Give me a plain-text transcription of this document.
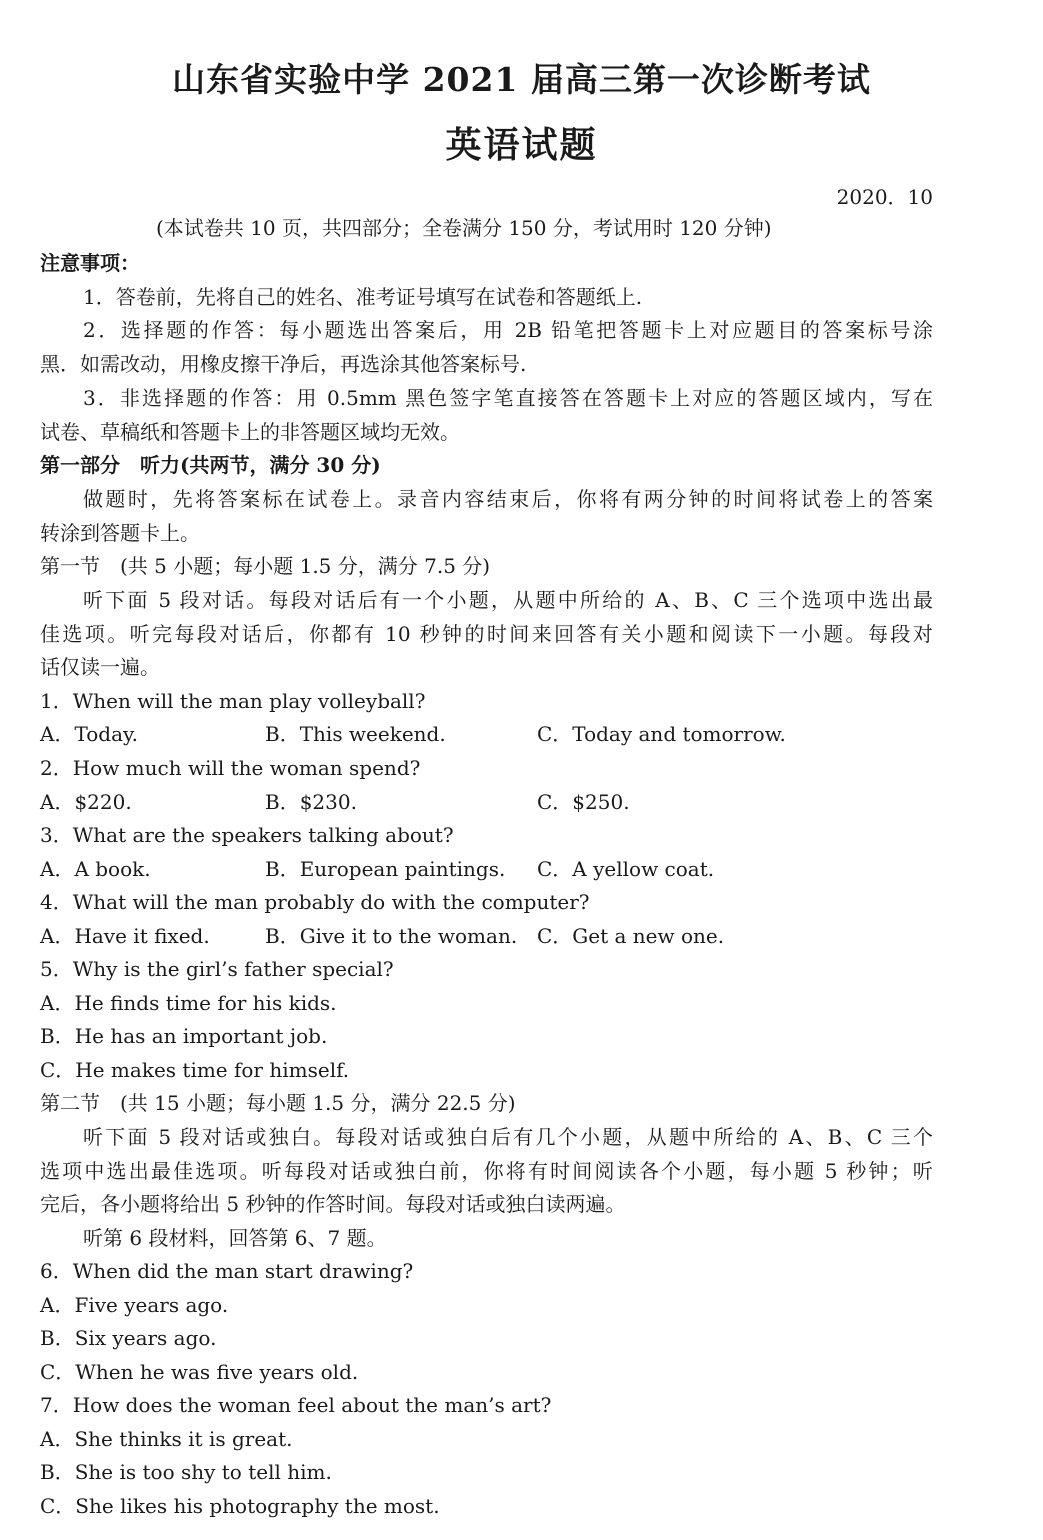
山东省实验中学 2021 届高三第一次诊断考试
英语试题
2020．10
(本试卷共 10 页，共四部分；全卷满分 150 分，考试用时 120 分钟)
注意事项：
1．答卷前，先将自己的姓名、准考证号填写在试卷和答题纸上.
2．选择题的作答：每小题选出答案后，用 2B 铅笔把答题卡上对应题目的答案标号涂
黑．如需改动，用橡皮擦干净后，再选涂其他答案标号.
3．非选择题的作答：用 0.5mm 黑色签字笔直接答在答题卡上对应的答题区域内，写在
试卷、草稿纸和答题卡上的非答题区域均无效。
第一部分　听力(共两节，满分 30 分)
做题时，先将答案标在试卷上。录音内容结束后，你将有两分钟的时间将试卷上的答案
转涂到答题卡上。
第一节　(共 5 小题；每小题 1.5 分，满分 7.5 分)
听下面 5 段对话。每段对话后有一个小题，从题中所给的 A、B、C 三个选项中选出最
佳选项。听完每段对话后，你都有 10 秒钟的时间来回答有关小题和阅读下一小题。每段对
话仅读一遍。
1．When will the man play volleyball?
A．Today.	B．This weekend.	C．Today and tomorrow.
2．How much will the woman spend?
A．$220.	B．$230.	C．$250.
3．What are the speakers talking about?
A．A book.	B．European paintings. C．A yellow coat.
4．What will the man probably do with the computer?
A．Have it fixed.	B．Give it to the woman. C．Get a new one.
5．Why is the girl’s father special?
A．He finds time for his kids.
B．He has an important job.
C．He makes time for himself.
第二节　(共 15 小题；每小题 1.5 分，满分 22.5 分)
听下面 5 段对话或独白。每段对话或独白后有几个小题，从题中所给的 A、B、C 三个
选项中选出最佳选项。听每段对话或独白前，你将有时间阅读各个小题，每小题 5 秒钟；听
完后，各小题将给出 5 秒钟的作答时间。每段对话或独白读两遍。
听第 6 段材料，回答第 6、7 题。
6．When did the man start drawing?
A．Five years ago.
B．Six years ago.
C．When he was five years old.
7．How does the woman feel about the man’s art?
A．She thinks it is great.
B．She is too shy to tell him.
C．She likes his photography the most.
